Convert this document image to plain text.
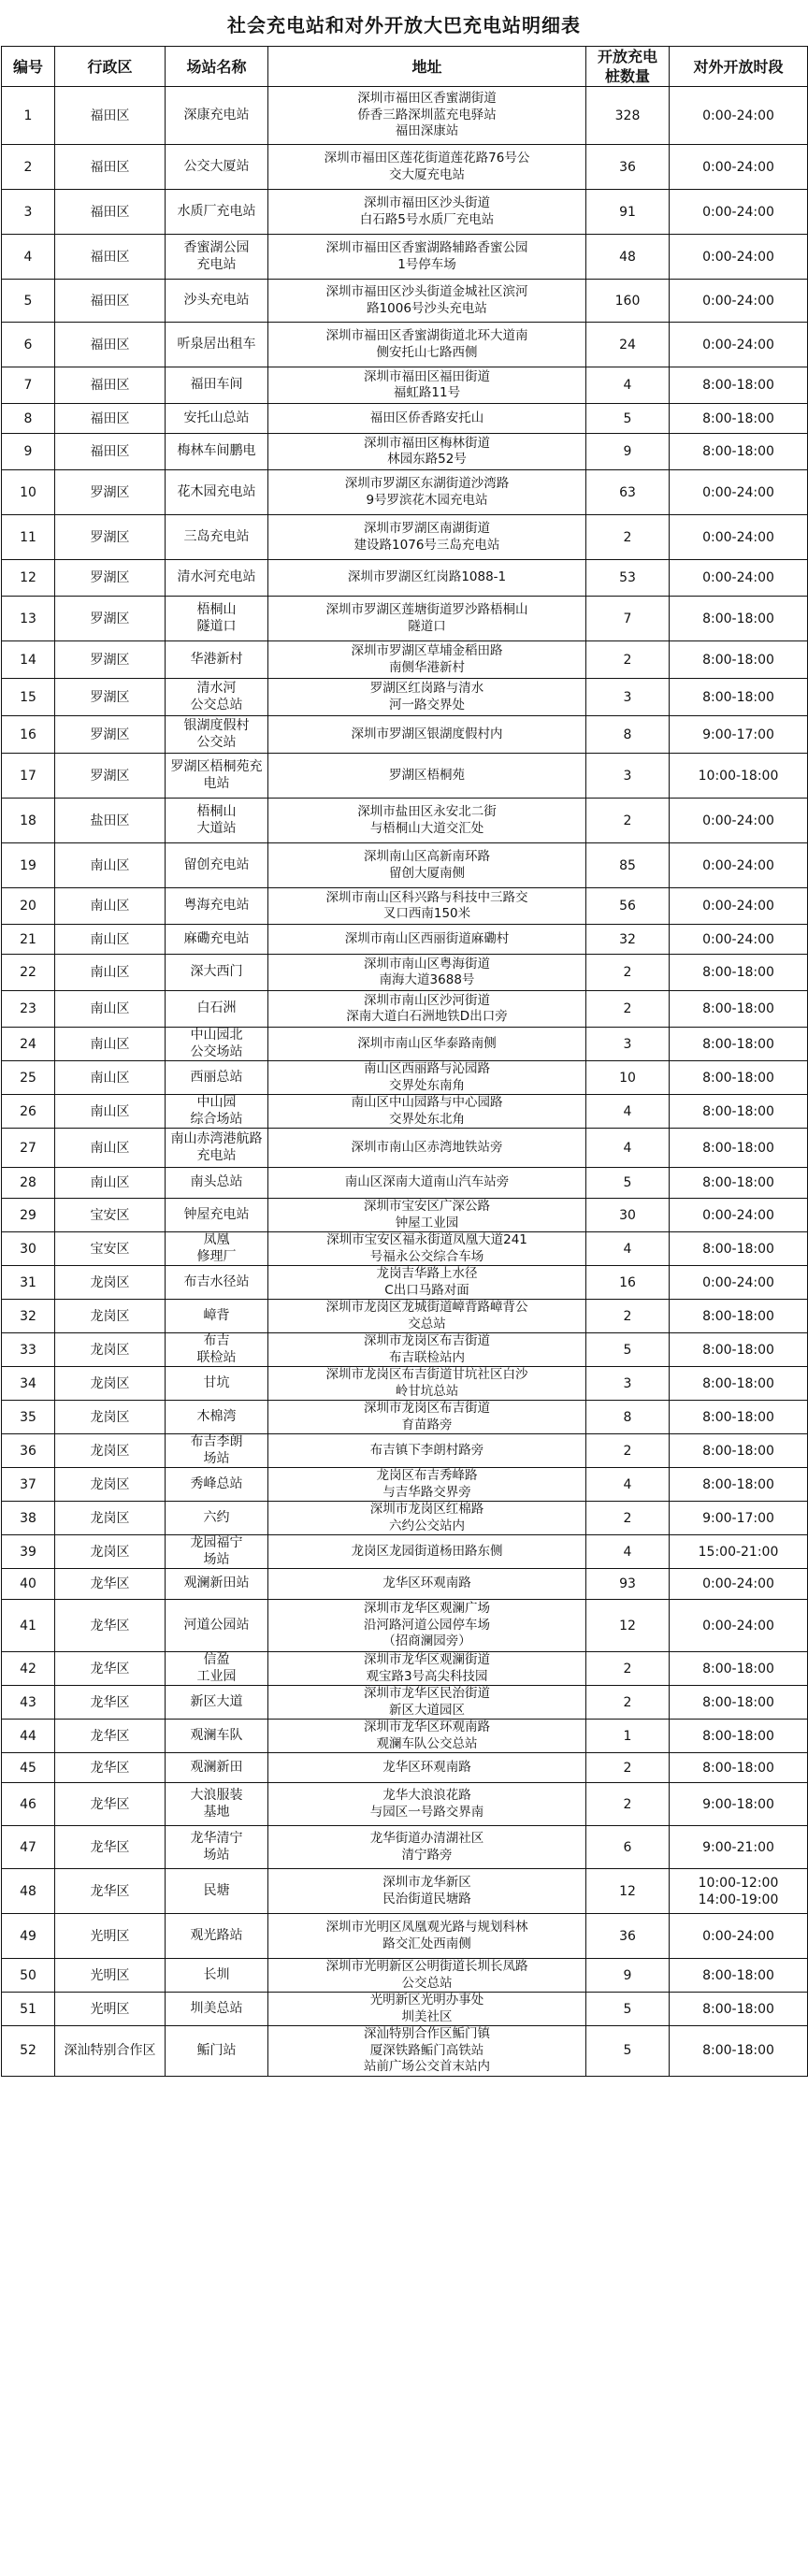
社会充电站和对外开放大巴充电站明细表
编号	行政区	场站名称	地址	开放充电
桩数量	对外开放时段
1	福田区	深康充电站	深圳市福田区香蜜湖街道
侨香三路深圳蓝充电驿站
福田深康站	328	0:00-24:00
2	福田区	公交大厦站	深圳市福田区莲花街道莲花路76号公
交大厦充电站	36	0:00-24:00
3	福田区	水质厂充电站	深圳市福田区沙头街道
白石路5号水质厂充电站	91	0:00-24:00
4	福田区	香蜜湖公园
充电站	深圳市福田区香蜜湖路辅路香蜜公园
1号停车场	48	0:00-24:00
5	福田区	沙头充电站	深圳市福田区沙头街道金城社区滨河
路1006号沙头充电站	160	0:00-24:00
6	福田区	听泉居出租车	深圳市福田区香蜜湖街道北环大道南
侧安托山七路西侧	24	0:00-24:00
7	福田区	福田车间	深圳市福田区福田街道
福虹路11号	4	8:00-18:00
8	福田区	安托山总站	福田区侨香路安托山	5	8:00-18:00
9	福田区	梅林车间鹏电	深圳市福田区梅林街道
林园东路52号	9	8:00-18:00
10	罗湖区	花木园充电站	深圳市罗湖区东湖街道沙湾路
9号罗滨花木园充电站	63	0:00-24:00
11	罗湖区	三岛充电站	深圳市罗湖区南湖街道
建设路1076号三岛充电站	2	0:00-24:00
12	罗湖区	清水河充电站	深圳市罗湖区红岗路1088-1	53	0:00-24:00
13	罗湖区	梧桐山
隧道口	深圳市罗湖区莲塘街道罗沙路梧桐山
隧道口	7	8:00-18:00
14	罗湖区	华港新村	深圳市罗湖区草埔金稻田路
南侧华港新村	2	8:00-18:00
15	罗湖区	清水河
公交总站	罗湖区红岗路与清水
河一路交界处	3	8:00-18:00
16	罗湖区	银湖度假村
公交站	深圳市罗湖区银湖度假村内	8	9:00-17:00
17	罗湖区	罗湖区梧桐苑充
电站	罗湖区梧桐苑	3	10:00-18:00
18	盐田区	梧桐山
大道站	深圳市盐田区永安北二街
与梧桐山大道交汇处	2	0:00-24:00
19	南山区	留创充电站	深圳南山区高新南环路
留创大厦南侧	85	0:00-24:00
20	南山区	粤海充电站	深圳市南山区科兴路与科技中三路交
叉口西南150米	56	0:00-24:00
21	南山区	麻磡充电站	深圳市南山区西丽街道麻磡村	32	0:00-24:00
22	南山区	深大西门	深圳市南山区粤海街道
南海大道3688号	2	8:00-18:00
23	南山区	白石洲	深圳市南山区沙河街道
深南大道白石洲地铁D出口旁	2	8:00-18:00
24	南山区	中山园北
公交场站	深圳市南山区华泰路南侧	3	8:00-18:00
25	南山区	西丽总站	南山区西丽路与沁园路
交界处东南角	10	8:00-18:00
26	南山区	中山园
综合场站	南山区中山园路与中心园路
交界处东北角	4	8:00-18:00
27	南山区	南山赤湾港航路
充电站	深圳市南山区赤湾地铁站旁	4	8:00-18:00
28	南山区	南头总站	南山区深南大道南山汽车站旁	5	8:00-18:00
29	宝安区	钟屋充电站	深圳市宝安区广深公路
钟屋工业园	30	0:00-24:00
30	宝安区	凤凰
修理厂	深圳市宝安区福永街道凤凰大道241
号福永公交综合车场	4	8:00-18:00
31	龙岗区	布吉水径站	龙岗吉华路上水径
C出口马路对面	16	0:00-24:00
32	龙岗区	嶂背	深圳市龙岗区龙城街道嶂背路嶂背公
交总站	2	8:00-18:00
33	龙岗区	布吉
联检站	深圳市龙岗区布吉街道
布吉联检站内	5	8:00-18:00
34	龙岗区	甘坑	深圳市龙岗区布吉街道甘坑社区白沙
岭甘坑总站	3	8:00-18:00
35	龙岗区	木棉湾	深圳市龙岗区布吉街道
育苗路旁	8	8:00-18:00
36	龙岗区	布吉李朗
场站	布吉镇下李朗村路旁	2	8:00-18:00
37	龙岗区	秀峰总站	龙岗区布吉秀峰路
与吉华路交界旁	4	8:00-18:00
38	龙岗区	六约	深圳市龙岗区红棉路
六约公交站内	2	9:00-17:00
39	龙岗区	龙园福宁
场站	龙岗区龙园街道杨田路东侧	4	15:00-21:00
40	龙华区	观澜新田站	龙华区环观南路	93	0:00-24:00
41	龙华区	河道公园站	深圳市龙华区观澜广场
沿河路河道公园停车场
（招商澜园旁）	12	0:00-24:00
42	龙华区	信盈
工业园	深圳市龙华区观澜街道
观宝路3号高尖科技园	2	8:00-18:00
43	龙华区	新区大道	深圳市龙华区民治街道
新区大道园区	2	8:00-18:00
44	龙华区	观澜车队	深圳市龙华区环观南路
观澜车队公交总站	1	8:00-18:00
45	龙华区	观澜新田	龙华区环观南路	2	8:00-18:00
46	龙华区	大浪服装
基地	龙华大浪浪花路
与园区一号路交界南	2	9:00-18:00
47	龙华区	龙华清宁
场站	龙华街道办清湖社区
清宁路旁	6	9:00-21:00
48	龙华区	民塘	深圳市龙华新区
民治街道民塘路	12	10:00-12:00
14:00-19:00
49	光明区	观光路站	深圳市光明区凤凰观光路与规划科林
路交汇处西南侧	36	0:00-24:00
50	光明区	长圳	深圳市光明新区公明街道长圳长凤路
公交总站	9	8:00-18:00
51	光明区	圳美总站	光明新区光明办事处
圳美社区	5	8:00-18:00
52	深汕特别合作区	鲘门站	深汕特别合作区鲘门镇
厦深铁路鲘门高铁站
站前广场公交首末站内	5	8:00-18:00
